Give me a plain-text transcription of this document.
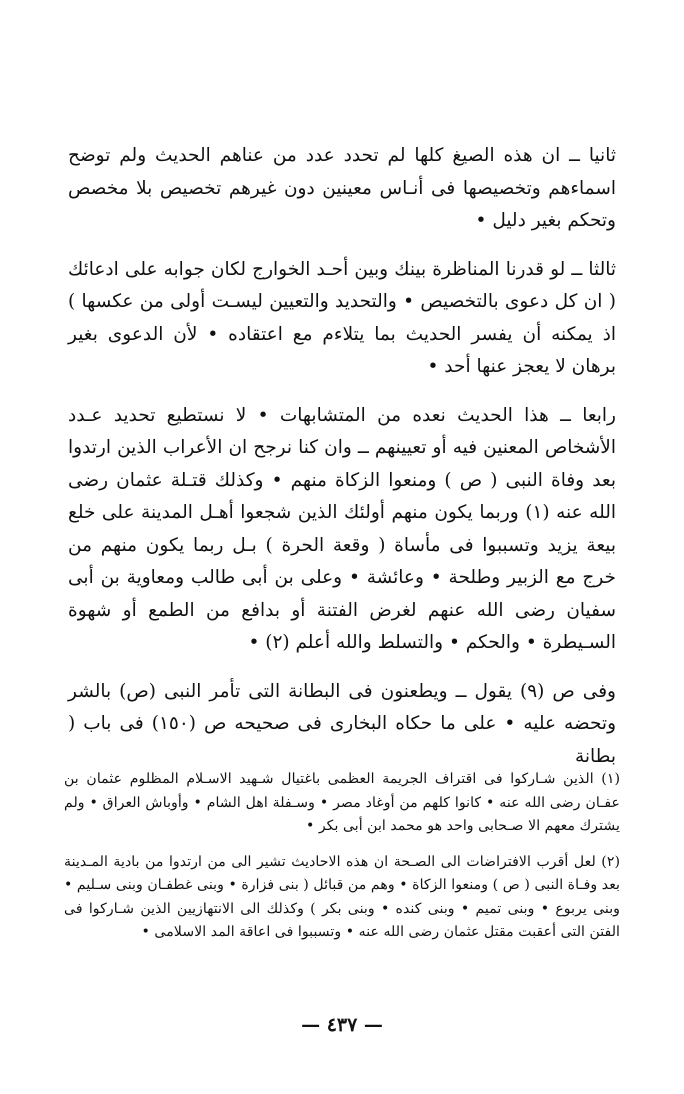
ثانيا ــ ان هذه الصيغ كلها لم تحدد عدد من عناهم الحديث ولم توضح اسماءهم وتخصيصها فى أنـاس معينين دون غيرهم تخصيص بلا مخصص وتحكم بغير دليل •

ثالثا ــ لو قدرنا المناظرة بينك وبين أحـد الخوارج لكان جوابه على ادعائك ( ان كل دعوى بالتخصيص • والتحديد والتعيين ليسـت أولى من عكسها ) اذ يمكنه أن يفسر الحديث بما يتلاءم مع اعتقاده • لأن الدعوى بغير برهان لا يعجز عنها أحد •

رابعا ــ هذا الحديث نعده من المتشابهات • لا نستطيع تحديد عـدد الأشخاص المعنين فيه أو تعيينهم ــ وان كنا نرجح ان الأعراب الذين ارتدوا بعد وفاة النبى ( ص ) ومنعوا الزكاة منهم • وكذلك قتـلة عثمان رضى الله عنه (١) وربما يكون منهم أولئك الذين شجعوا أهـل المدينة على خلع بيعة يزيد وتسببوا فى مأساة ( وقعة الحرة ) بـل ربما يكون منهم من خرج مع الزبير وطلحة • وعائشة • وعلى بن أبى طالب ومعاوية بن أبى سفيان رضى الله عنهم لغرض الفتنة أو بدافع من الطمع أو شهوة السـيطرة • والحكم • والتسلط والله أعلم (٢) •

وفى ص (٩) يقول ــ ويطعنون فى البطانة التى تأمر النبى (ص) بالشر وتحضه عليه • على ما حكاه البخارى فى صحيحه ص (١٥٠) فى باب ( بطانة

(١) الذين شـاركوا فى اقتراف الجريمة العظمى باغتيال شـهيد الاسـلام المظلوم عثمان بن عفـان رضى الله عنه • كانوا كلهم من أوغاد مصر • وسـفلة اهل الشام • وأوباش العراق • ولم يشترك معهم الا صـحابى واحد هو محمد ابن أبى بكر •

(٢) لعل أقرب الافتراضات الى الصـحة ان هذه الاحاديث تشير الى من ارتدوا من بادية المـدينة بعد وفـاة النبى ( ص ) ومنعوا الزكاة • وهم من قبائل ( بنى فزارة • وبنى غطفـان وبنى سـليم • وبنى يربوع • وبنى تميم • وبنى كنده • وبنى بكر ) وكذلك الى الانتهازيين الذين شـاركوا فى الفتن التى أعقبت مقتل عثمان رضى الله عنه • وتسببوا فى اعاقة المد الاسلامى •

— ٤٣٧ —
